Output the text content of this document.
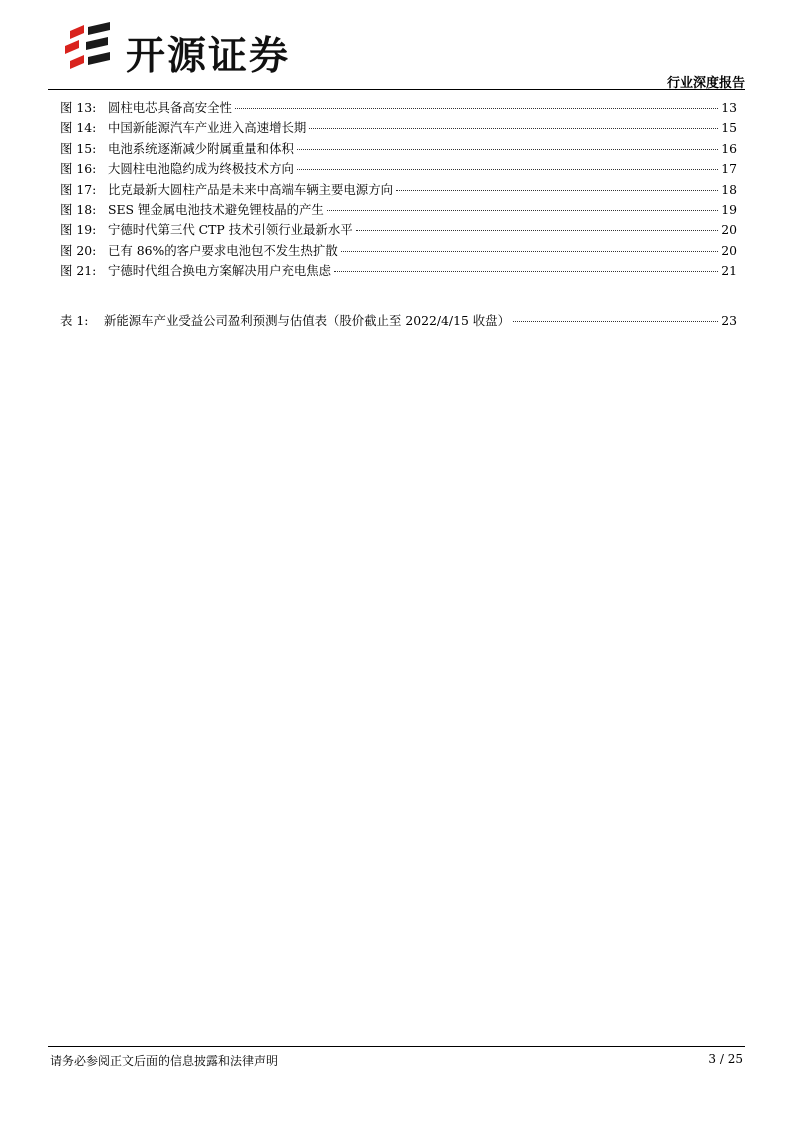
开源证券
行业深度报告
图 13: 圆柱电芯具备高安全性	13
图 14: 中国新能源汽车产业进入高速增长期	15
图 15: 电池系统逐渐减少附属重量和体积	16
图 16: 大圆柱电池隐约成为终极技术方向	17
图 17: 比克最新大圆柱产品是未来中高端车辆主要电源方向	18
图 18: SES 锂金属电池技术避免锂枝晶的产生	19
图 19: 宁德时代第三代 CTP 技术引领行业最新水平	20
图 20: 已有 86%的客户要求电池包不发生热扩散	20
图 21: 宁德时代组合换电方案解决用户充电焦虑	21
表 1:	新能源车产业受益公司盈利预测与估值表（股价截止至 2022/4/15 收盘）	23
请务必参阅正文后面的信息披露和法律声明	3 / 25
